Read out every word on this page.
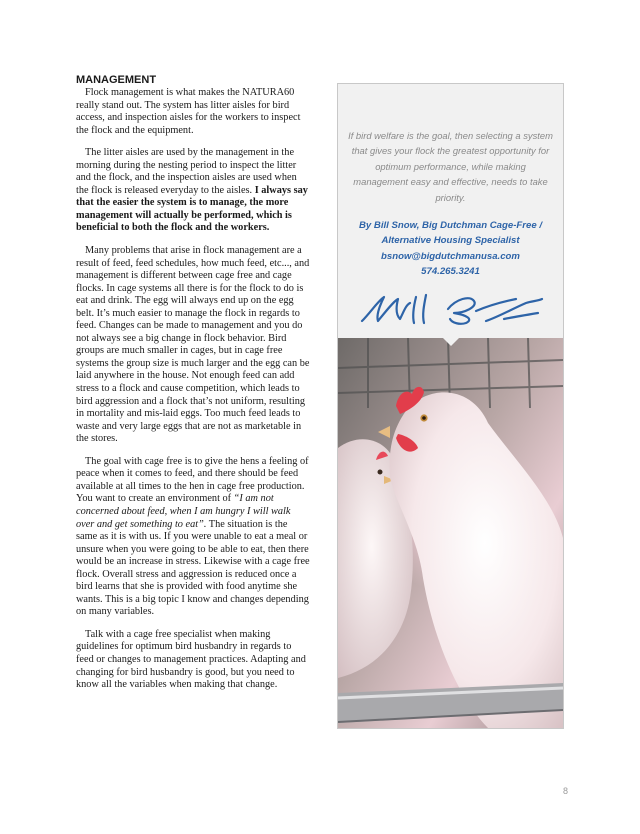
MANAGEMENT

Flock management is what makes the NATURA60 really stand out. The system has litter aisles for bird access, and inspection aisles for the workers to inspect the flock and the equipment.

The litter aisles are used by the management in the morning during the nesting period to inspect the litter and the flock, and the inspection aisles are used when the flock is released everyday to the aisles. I always say that the easier the system is to manage, the more management will actually be performed, which is beneficial to both the flock and the workers.

Many problems that arise in flock management are a result of feed, feed schedules, how much feed, etc..., and management is different between cage free and cage flocks. In cage systems all there is for the flock to do is eat and drink. The egg will always end up on the egg belt. It’s much easier to manage the flock in regards to feed. Changes can be made to management and you do not always see a big change in flock behavior. Bird groups are much smaller in cages, but in cage free systems the group size is much larger and the egg can be laid anywhere in the house. Not enough feed can add stress to a flock and cause competition, which leads to bird aggression and a flock that’s not uniform, resulting in mortality and mis-laid eggs. Too much feed leads to waste and very large eggs that are not as marketable in the stores.

The goal with cage free is to give the hens a feeling of peace when it comes to feed, and there should be feed available at all times to the hen in cage free production. You want to create an environment of “I am not concerned about feed, when I am hungry I will walk over and get something to eat”. The situation is the same as it is with us. If you were unable to eat a meal or unsure when you were going to be able to eat, then there would be an increase in stress. Likewise with a cage free flock. Overall stress and aggression is reduced once a bird learns that she is provided with food anytime she wants. This is a big topic I know and changes depending on many variables.

Talk with a cage free specialist when making guidelines for optimum bird husbandry in regards to feed or changes to management practices. Adapting and changing for bird husbandry is good, but you need to know all the variables when making that change.

If bird welfare is the goal, then selecting a system that gives your flock the greatest opportunity for optimum performance, while making management easy and effective, needs to take priority.
By Bill Snow, Big Dutchman Cage-Free / Alternative Housing Specialist
bsnow@bigdutchmanusa.com
574.265.3241
8
